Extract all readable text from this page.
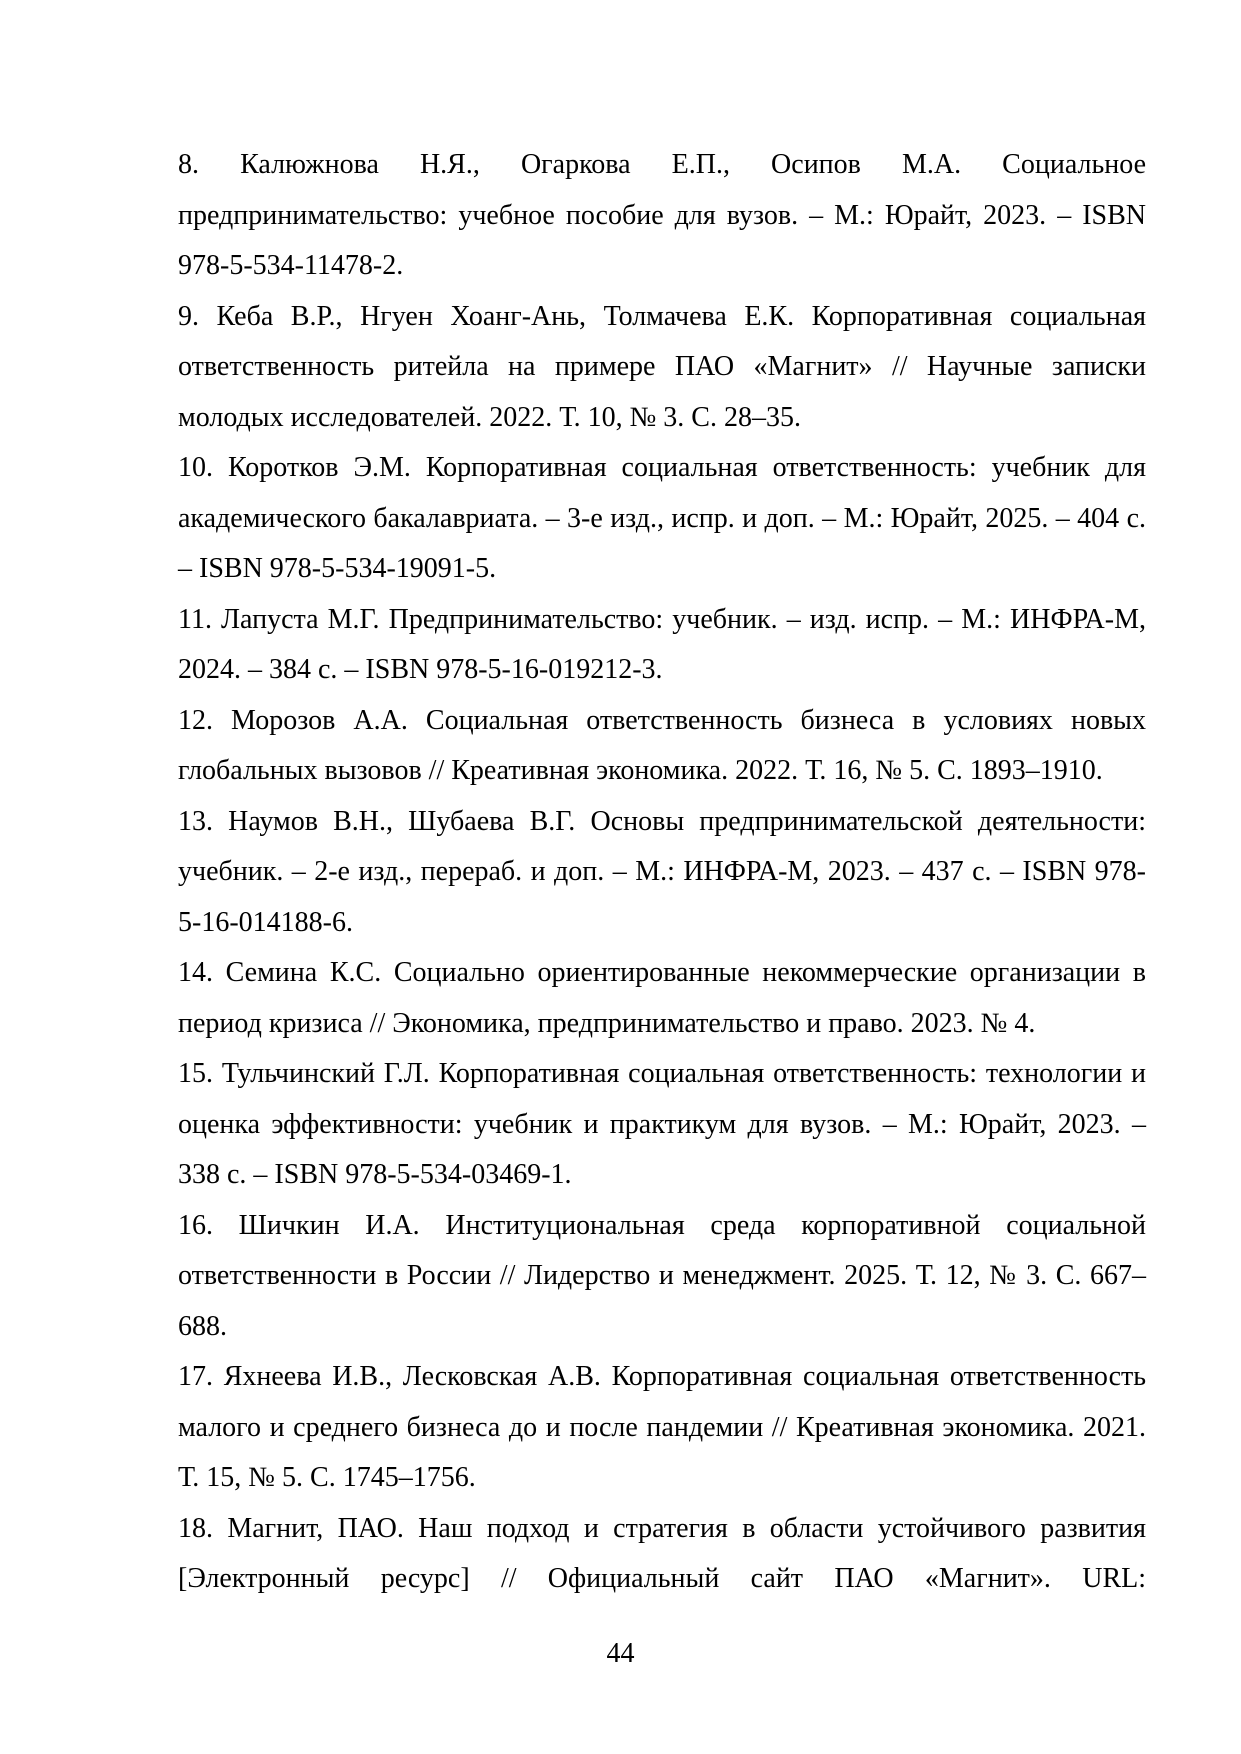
8. Калюжнова Н.Я., Огаркова Е.П., Осипов М.А. Социальное предпринимательство: учебное пособие для вузов. – М.: Юрайт, 2023. – ISBN 978-5-534-11478-2.

9. Кеба В.Р., Нгуен Хоанг-Ань, Толмачева Е.К. Корпоративная социальная ответственность ритейла на примере ПАО «Магнит» // Научные записки молодых исследователей. 2022. Т. 10, № 3. С. 28–35.

10. Коротков Э.М. Корпоративная социальная ответственность: учебник для академического бакалавриата. – 3-е изд., испр. и доп. – М.: Юрайт, 2025. – 404 с. – ISBN 978-5-534-19091-5.

11. Лапуста М.Г. Предпринимательство: учебник. – изд. испр. – М.: ИНФРА-М, 2024. – 384 с. – ISBN 978-5-16-019212-3.

12. Морозов А.А. Социальная ответственность бизнеса в условиях новых глобальных вызовов // Креативная экономика. 2022. Т. 16, № 5. С. 1893–1910.

13. Наумов В.Н., Шубаева В.Г. Основы предпринимательской деятельности: учебник. – 2-е изд., перераб. и доп. – М.: ИНФРА-М, 2023. – 437 с. – ISBN 978-5-16-014188-6.

14. Семина К.С. Социально ориентированные некоммерческие организации в период кризиса // Экономика, предпринимательство и право. 2023. № 4.

15. Тульчинский Г.Л. Корпоративная социальная ответственность: технологии и оценка эффективности: учебник и практикум для вузов. – М.: Юрайт, 2023. – 338 с. – ISBN 978-5-534-03469-1.

16. Шичкин И.А. Институциональная среда корпоративной социальной ответственности в России // Лидерство и менеджмент. 2025. Т. 12, № 3. С. 667–688.

17. Яхнеева И.В., Лесковская А.В. Корпоративная социальная ответственность малого и среднего бизнеса до и после пандемии // Креативная экономика. 2021. Т. 15, № 5. С. 1745–1756.

18. Магнит, ПАО. Наш подход и стратегия в области устойчивого развития [Электронный ресурс] // Официальный сайт ПАО «Магнит». URL:

44
